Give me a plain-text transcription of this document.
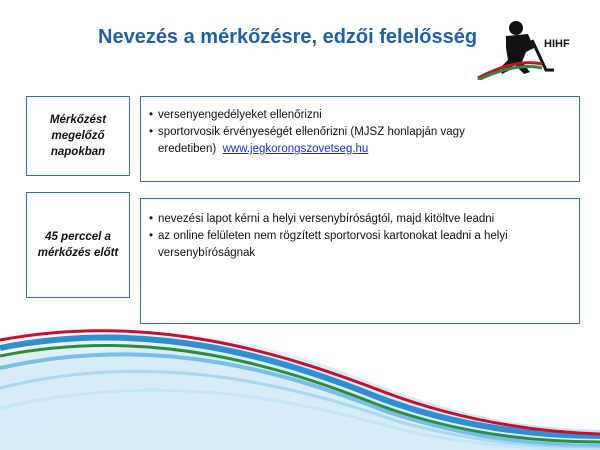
Nevezés a mérkőzésre, edzői felelősség	HIHF
Mérkőzést
megelőző
napokban
• versenyengedélyeket ellenőrizni
• sportorvosik érvényeségét ellenőrizni (MJSZ honlapján vagy eredetiben) www.jegkorongszovetseg.hu
45 perccel a
mérkőzés előtt
• nevezési lapot kérni a helyi versenybíróságtól, majd kitöltve leadni
• az online felületen nem rögzített sportorvosi kartonokat leadni a helyi versenybíróságnak
